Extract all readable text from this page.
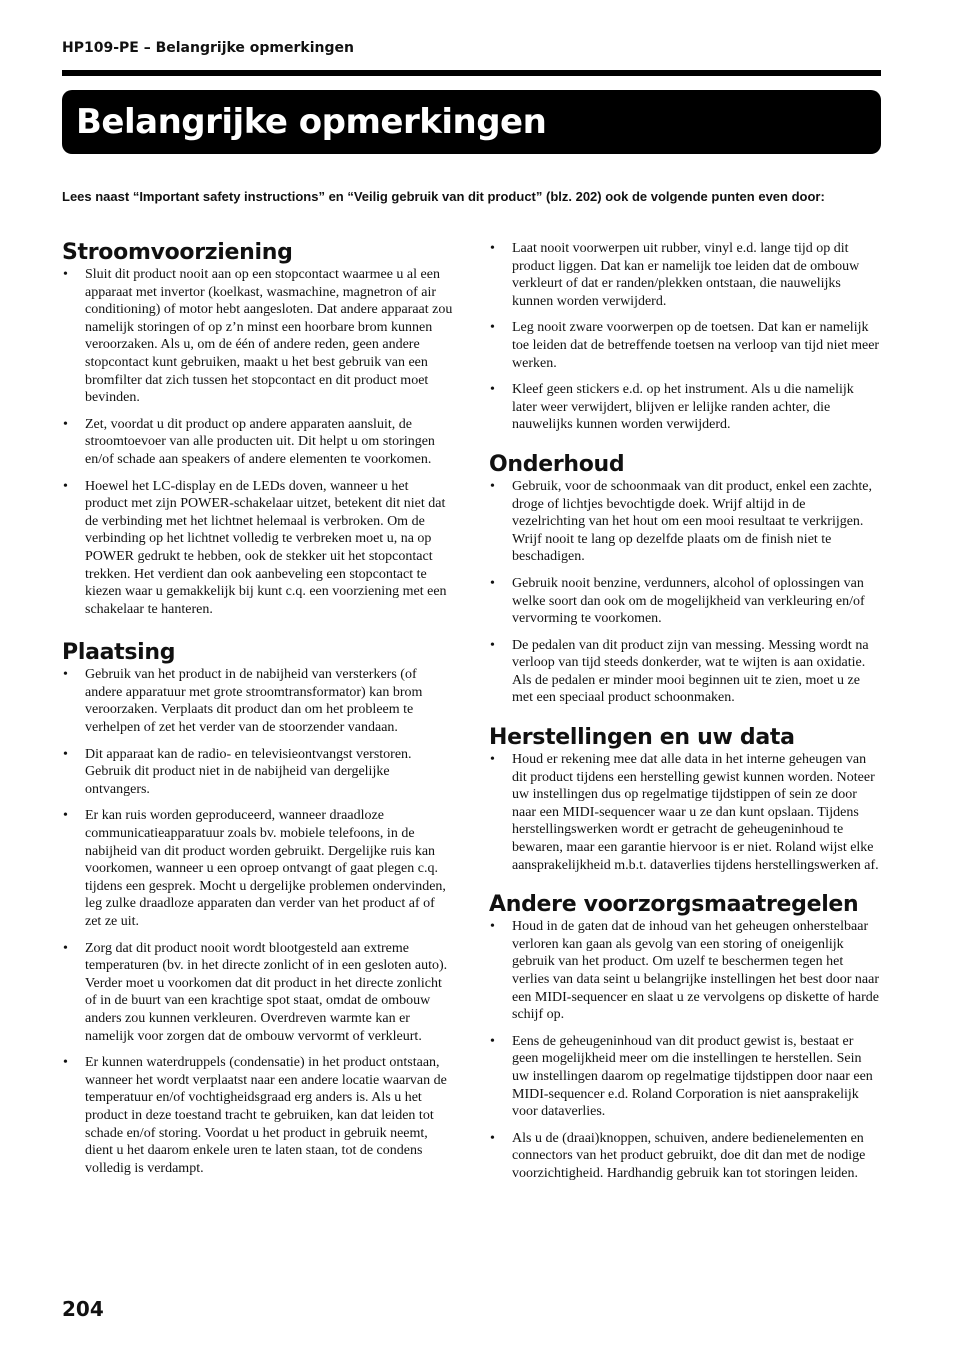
HP109-PE – Belangrijke opmerkingen
Belangrijke opmerkingen

Lees naast “Important safety instructions” en “Veilig gebruik van dit product” (blz. 202) ook de volgende punten even door:

Stroomvoorziening
• Sluit dit product nooit aan op een stopcontact waarmee u al een apparaat met invertor (koelkast, wasmachine, magnetron of air conditioning) of motor hebt aangesloten. Dat andere apparaat zou namelijk storingen of op z’n minst een hoorbare brom kunnen veroorzaken. Als u, om de één of andere reden, geen andere stopcontact kunt gebruiken, maakt u het best gebruik van een bromfilter dat zich tussen het stopcontact en dit product moet bevinden.
• Zet, voordat u dit product op andere apparaten aansluit, de stroomtoevoer van alle producten uit. Dit helpt u om storingen en/of schade aan speakers of andere elementen te voorkomen.
• Hoewel het LC-display en de LEDs doven, wanneer u het product met zijn POWER-schakelaar uitzet, betekent dit niet dat de verbinding met het lichtnet helemaal is verbroken. Om de verbinding op het lichtnet volledig te verbreken moet u, na op POWER gedrukt te hebben, ook de stekker uit het stopcontact trekken. Het verdient dan ook aanbeveling een stopcontact te kiezen waar u gemakkelijk bij kunt c.q. een voorziening met een schakelaar te hanteren.
Plaatsing
• Gebruik van het product in de nabijheid van versterkers (of andere apparatuur met grote stroomtransformator) kan brom veroorzaken. Verplaats dit product dan om het probleem te verhelpen of zet het verder van de stoorzender vandaan.
• Dit apparaat kan de radio- en televisieontvangst verstoren. Gebruik dit product niet in de nabijheid van dergelijke ontvangers.
• Er kan ruis worden geproduceerd, wanneer draadloze communicatieapparatuur zoals bv. mobiele telefoons, in de nabijheid van dit product worden gebruikt. Dergelijke ruis kan voorkomen, wanneer u een oproep ontvangt of gaat plegen c.q. tijdens een gesprek. Mocht u dergelijke problemen ondervinden, leg zulke draadloze apparaten dan verder van het product af of zet ze uit.
• Zorg dat dit product nooit wordt blootgesteld aan extreme temperaturen (bv. in het directe zonlicht of in een gesloten auto). Verder moet u voorkomen dat dit product in het directe zonlicht of in de buurt van een krachtige spot staat, omdat de ombouw anders zou kunnen verkleuren. Overdreven warmte kan er namelijk voor zorgen dat de ombouw vervormt of verkleurt.
• Er kunnen waterdruppels (condensatie) in het product ontstaan, wanneer het wordt verplaatst naar een andere locatie waarvan de temperatuur en/of vochtigheidsgraad erg anders is. Als u het product in deze toestand tracht te gebruiken, kan dat leiden tot schade en/of storing. Voordat u het product in gebruik neemt, dient u het daarom enkele uren te laten staan, tot de condens volledig is verdampt.
• Laat nooit voorwerpen uit rubber, vinyl e.d. lange tijd op dit product liggen. Dat kan er namelijk toe leiden dat de ombouw verkleurt of dat er randen/plekken ontstaan, die nauwelijks kunnen worden verwijderd.
• Leg nooit zware voorwerpen op de toetsen. Dat kan er namelijk toe leiden dat de betreffende toetsen na verloop van tijd niet meer werken.
• Kleef geen stickers e.d. op het instrument. Als u die namelijk later weer verwijdert, blijven er lelijke randen achter, die nauwelijks kunnen worden verwijderd.
Onderhoud
• Gebruik, voor de schoonmaak van dit product, enkel een zachte, droge of lichtjes bevochtigde doek. Wrijf altijd in de vezelrichting van het hout om een mooi resultaat te verkrijgen. Wrijf nooit te lang op dezelfde plaats om de finish niet te beschadigen.
• Gebruik nooit benzine, verdunners, alcohol of oplossingen van welke soort dan ook om de mogelijkheid van verkleuring en/of vervorming te voorkomen.
• De pedalen van dit product zijn van messing. Messing wordt na verloop van tijd steeds donkerder, wat te wijten is aan oxidatie. Als de pedalen er minder mooi beginnen uit te zien, moet u ze met een speciaal product schoonmaken.
Herstellingen en uw data
• Houd er rekening mee dat alle data in het interne geheugen van dit product tijdens een herstelling gewist kunnen worden. Noteer uw instellingen dus op regelmatige tijdstippen of sein ze door naar een MIDI-sequencer waar u ze dan kunt opslaan. Tijdens herstellingswerken wordt er getracht de geheugeninhoud te bewaren, maar een garantie hiervoor is er niet. Roland wijst elke aansprakelijkheid m.b.t. dataverlies tijdens herstellingswerken af.
Andere voorzorgsmaatregelen
• Houd in de gaten dat de inhoud van het geheugen onherstelbaar verloren kan gaan als gevolg van een storing of oneigenlijk gebruik van het product. Om uzelf te beschermen tegen het verlies van data seint u belangrijke instellingen het best door naar een MIDI-sequencer en slaat u ze vervolgens op diskette of harde schijf op.
• Eens de geheugeninhoud van dit product gewist is, bestaat er geen mogelijkheid meer om die instellingen te herstellen. Sein uw instellingen daarom op regelmatige tijdstippen door naar een MIDI-sequencer e.d. Roland Corporation is niet aansprakelijk voor dataverlies.
• Als u de (draai)knoppen, schuiven, andere bedienelementen en connectors van het product gebruikt, doe dit dan met de nodige voorzichtigheid. Hardhandig gebruik kan tot storingen leiden.
204
